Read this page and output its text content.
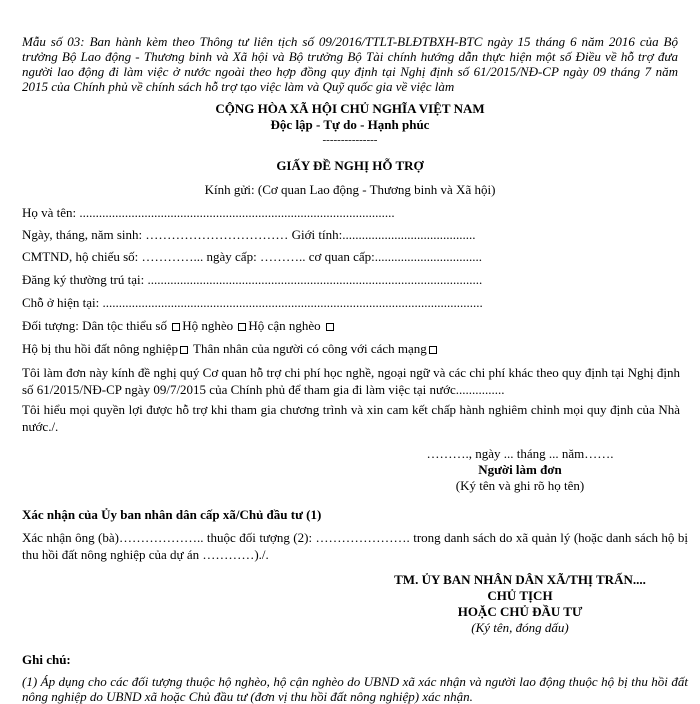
Mẫu số 03: Ban hành kèm theo Thông tư liên tịch số 09/2016/TTLT-BLĐTBXH-BTC ngày 15 tháng 6 năm 2016 của Bộ trưởng Bộ Lao động - Thương binh và Xã hội và Bộ trưởng Bộ Tài chính hướng dẫn thực hiện một số Điều về hỗ trợ đưa người lao động đi làm việc ở nước ngoài theo hợp đồng quy định tại Nghị định số 61/2015/NĐ-CP ngày 09 tháng 7 năm 2015 của Chính phủ về chính sách hỗ trợ tạo việc làm và Quỹ quốc gia về việc làm

CỘNG HÒA XÃ HỘI CHỦ NGHĨA VIỆT NAM
Độc lập - Tự do - Hạnh phúc
---------------
GIẤY ĐỀ NGHỊ HỖ TRỢ
Kính gửi: (Cơ quan Lao động - Thương binh và Xã hội)
Họ và tên: .................................................................................................
Ngày, tháng, năm sinh: …………………………… Giới tính:.........................................
CMTND, hộ chiếu số: …………... ngày cấp: ……….. cơ quan cấp:.................................
Đăng ký thường trú tại: .......................................................................................................
Chỗ ở hiện tại: .....................................................................................................................
Đối tượng: Dân tộc thiểu số Hộ nghèo Hộ cận nghèo
Hộ bị thu hồi đất nông nghiệp Thân nhân của người có công với cách mạng

Tôi làm đơn này kính đề nghị quý Cơ quan hỗ trợ chi phí học nghề, ngoại ngữ và các chi phí khác theo quy định tại Nghị định số 61/2015/NĐ-CP ngày 09/7/2015 của Chính phủ để tham gia đi làm việc tại nước...............

Tôi hiểu mọi quyền lợi được hỗ trợ khi tham gia chương trình và xin cam kết chấp hành nghiêm chỉnh mọi quy định của Nhà nước./.

………., ngày ... tháng ... năm…….
Người làm đơn
(Ký tên và ghi rõ họ tên)
Xác nhận của Ủy ban nhân dân cấp xã/Chủ đầu tư (1)

Xác nhận ông (bà)……………….. thuộc đối tượng (2): …………………. trong danh sách do xã quản lý (hoặc danh sách hộ bị thu hồi đất nông nghiệp của dự án …………)./.

TM. ỦY BAN NHÂN DÂN XÃ/THỊ TRẤN....
CHỦ TỊCH
HOẶC CHỦ ĐẦU TƯ
(Ký tên, đóng dấu)
Ghi chú:

(1) Áp dụng cho các đối tượng thuộc hộ nghèo, hộ cận nghèo do UBND xã xác nhận và người lao động thuộc hộ bị thu hồi đất nông nghiệp do UBND xã hoặc Chủ đầu tư (đơn vị thu hồi đất nông nghiệp) xác nhận.
